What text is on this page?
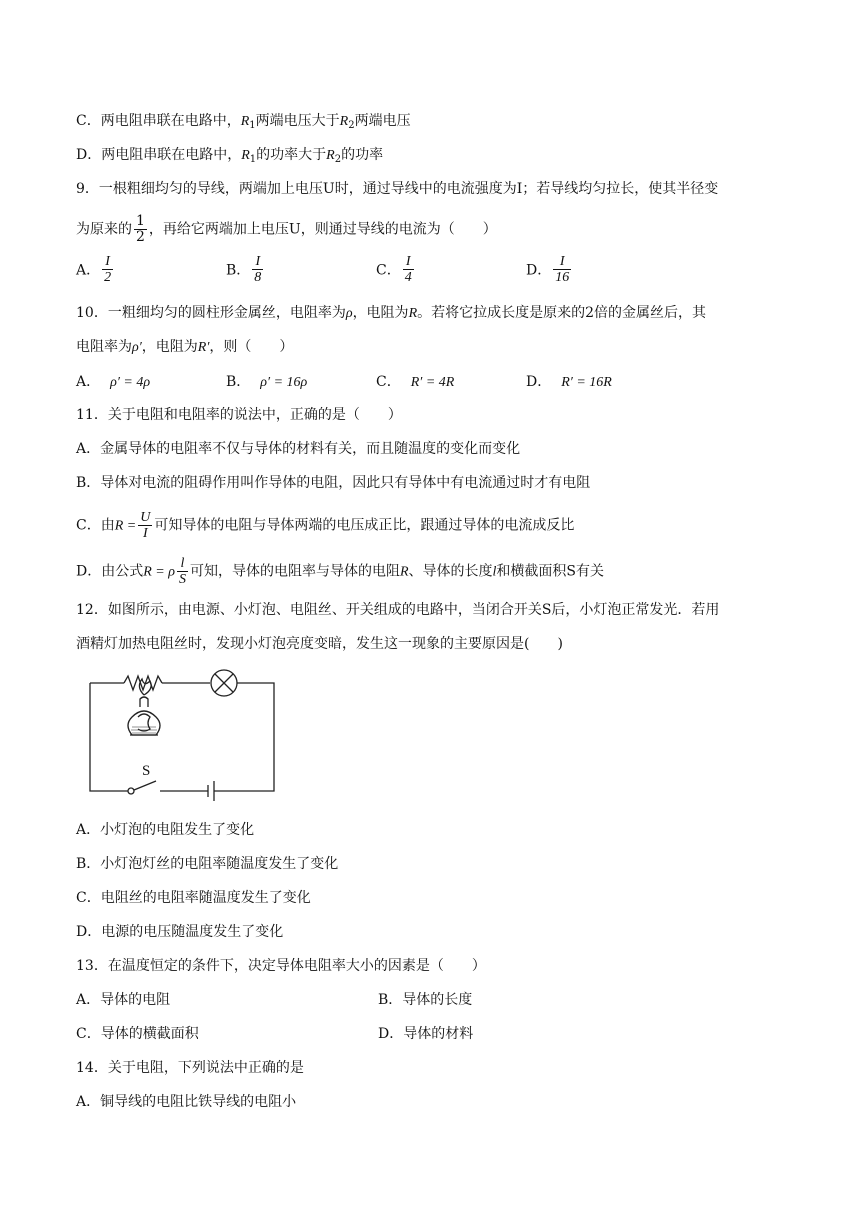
C．两电阻串联在电路中，$R_1$两端电压大于$R_2$两端电压
D．两电阻串联在电路中，$R_1$的功率大于$R_2$的功率
9．一根粗细均匀的导线，两端加上电压U时，通过导线中的电流强度为I；若导线均匀拉长，使其半径变
为原来的 $\frac{1}{2}$ ，再给它两端加上电压U，则通过导线的电流为（　　）
A． $\frac{I}{2}$	B． $\frac{I}{8}$	C． $\frac{I}{4}$	D． $\frac{I}{16}$
10．一粗细均匀的圆柱形金属丝，电阻率为ρ，电阻为R。若将它拉成长度是原来的2倍的金属丝后，其
电阻率为ρ′，电阻为R′，则（　　）
A． ρ′ = 4ρ	B． ρ′ = 16ρ	C． R′ = 4R	D． R′ = 16R
11．关于电阻和电阻率的说法中，正确的是（　　）
A．金属导体的电阻率不仅与导体的材料有关，而且随温度的变化而变化
B．导体对电流的阻碍作用叫作导体的电阻，因此只有导体中有电流通过时才有电阻
C．由$R = \frac{U}{I}$ 可知导体的电阻与导体两端的电压成正比，跟通过导体的电流成反比
D．由公式R = ρ $\frac{l}{S}$ 可知，导体的电阻率与导体的电阻R、导体的长度l和横截面积S有关
12．如图所示，由电源、小灯泡、电阻丝、开关组成的电路中，当闭合开关S后，小灯泡正常发光．若用
酒精灯加热电阻丝时，发现小灯泡亮度变暗，发生这一现象的主要原因是(　　)
S
A．小灯泡的电阻发生了变化
B．小灯泡灯丝的电阻率随温度发生了变化
C．电阻丝的电阻率随温度发生了变化
D．电源的电压随温度发生了变化
13．在温度恒定的条件下，决定导体电阻率大小的因素是（　　）
A．导体的电阻	B．导体的长度
C．导体的横截面积	D．导体的材料
14．关于电阻，下列说法中正确的是
A．铜导线的电阻比铁导线的电阻小
